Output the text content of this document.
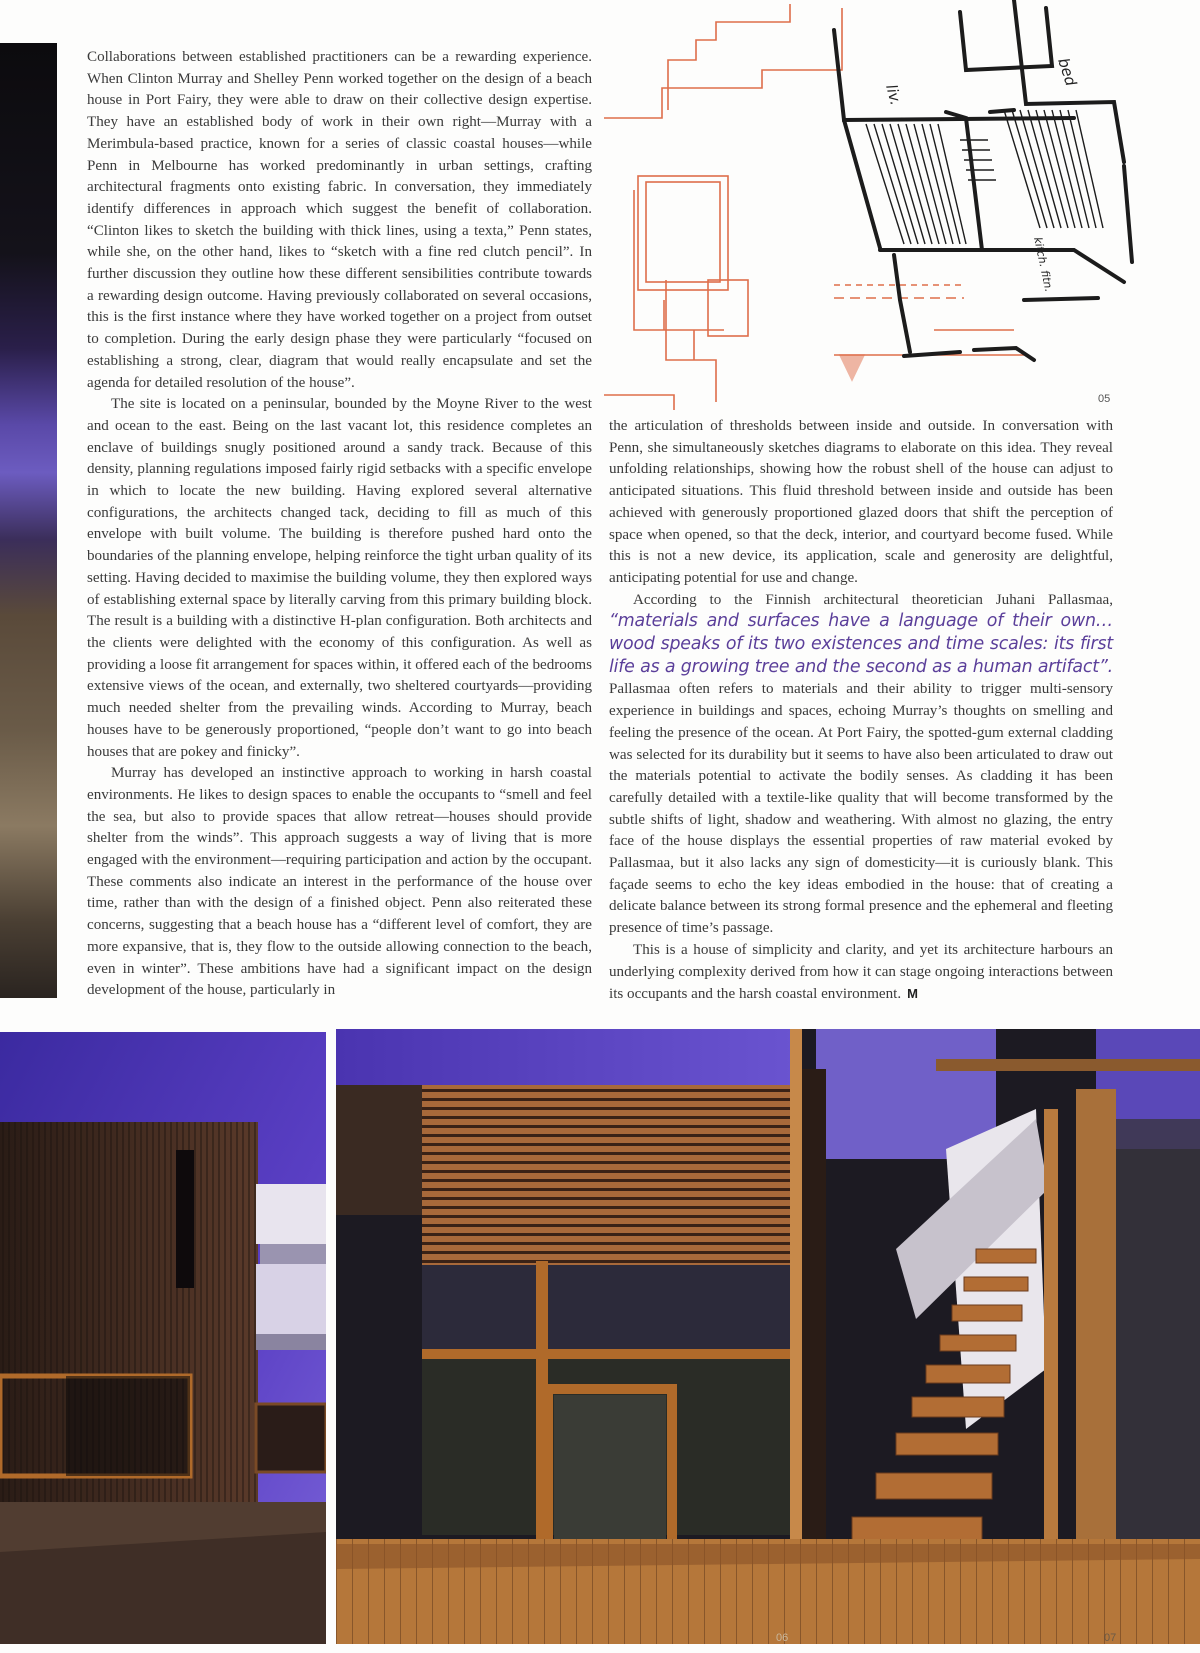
Collaborations between established practitioners can be a rewarding experience. When Clinton Murray and Shelley Penn worked together on the design of a beach house in Port Fairy, they were able to draw on their collective design expertise. They have an established body of work in their own right—Murray with a Merimbula-based practice, known for a series of classic coastal houses—while Penn in Melbourne has worked predominantly in urban settings, crafting architectural fragments onto existing fabric. In conversation, they immediately identify differences in approach which suggest the benefit of collaboration. “Clinton likes to sketch the building with thick lines, using a texta,” Penn states, while she, on the other hand, likes to “sketch with a fine red clutch pencil”. In further discussion they outline how these different sensibilities contribute towards a rewarding design outcome. Having previously collaborated on several occasions, this is the first instance where they have worked together on a project from outset to completion. During the early design phase they were particularly “focused on establishing a strong, clear, diagram that would really encapsulate and set the agenda for detailed resolution of the house”.

The site is located on a peninsular, bounded by the Moyne River to the west and ocean to the east. Being on the last vacant lot, this residence completes an enclave of buildings snugly positioned around a sandy track. Because of this density, planning regulations imposed fairly rigid setbacks with a specific envelope in which to locate the new building. Having explored several alternative configurations, the architects changed tack, deciding to fill as much of this envelope with built volume. The building is therefore pushed hard onto the boundaries of the planning envelope, helping reinforce the tight urban quality of its setting. Having decided to maximise the building volume, they then explored ways of establishing external space by literally carving from this primary building block. The result is a building with a distinctive H-plan configuration. Both architects and the clients were delighted with the economy of this configuration. As well as providing a loose fit arrangement for spaces within, it offered each of the bedrooms extensive views of the ocean, and externally, two sheltered courtyards—providing much needed shelter from the prevailing winds. According to Murray, beach houses have to be generously proportioned, “people don’t want to go into beach houses that are pokey and finicky”.

Murray has developed an instinctive approach to working in harsh coastal environments. He likes to design spaces to enable the occupants to “smell and feel the sea, but also to provide spaces that allow retreat—houses should provide shelter from the winds”. This approach suggests a way of living that is more engaged with the environment—requiring participation and action by the occupant. These comments also indicate an interest in the performance of the house over time, rather than with the design of a finished object. Penn also reiterated these concerns, suggesting that a beach house has a “different level of comfort, they are more expansive, that is, they flow to the outside allowing connection to the beach, even in winter”. These ambitions have had a significant impact on the design development of the house, particularly in

liv.
bed
kitch. fitn.
05

the articulation of thresholds between inside and outside. In conversation with Penn, she simultaneously sketches diagrams to elaborate on this idea. They reveal unfolding relationships, showing how the robust shell of the house can adjust to anticipated situations. This fluid threshold between inside and outside has been achieved with generously proportioned glazed doors that shift the perception of space when opened, so that the deck, interior, and courtyard become fused. While this is not a new device, its application, scale and generosity are delightful, anticipating potential for use and change.

According to the Finnish architectural theoretician Juhani Pallasmaa, “materials and surfaces have a language of their own… wood speaks of its two existences and time scales: its first life as a growing tree and the second as a human artifact”. Pallasmaa often refers to materials and their ability to trigger multi-sensory experience in buildings and spaces, echoing Murray’s thoughts on smelling and feeling the presence of the ocean. At Port Fairy, the spotted-gum external cladding was selected for its durability but it seems to have also been articulated to draw out the materials potential to activate the bodily senses. As cladding it has been carefully detailed with a textile-like quality that will become transformed by the subtle shifts of light, shadow and weathering. With almost no glazing, the entry face of the house displays the essential properties of raw material evoked by Pallasmaa, but it also lacks any sign of domesticity—it is curiously blank. This façade seems to echo the key ideas embodied in the house: that of creating a delicate balance between its strong formal presence and the ephemeral and fleeting presence of time’s passage.

This is a house of simplicity and clarity, and yet its architecture harbours an underlying complexity derived from how it can stage ongoing interactions between its occupants and the harsh coastal environment. M

06	07
